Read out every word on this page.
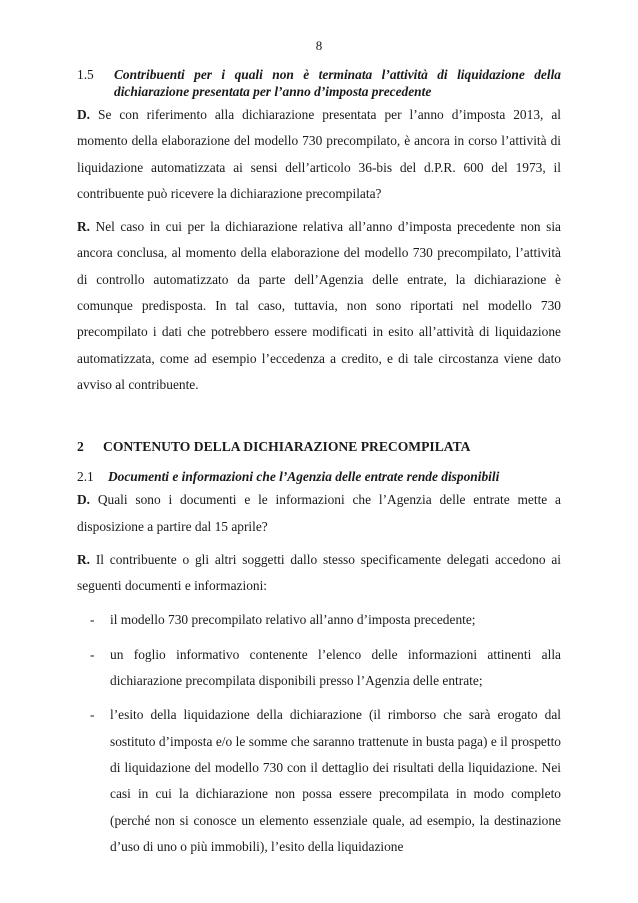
8
1.5	Contribuenti per i quali non è terminata l’attività di liquidazione della dichiarazione presentata per l’anno d’imposta precedente

D. Se con riferimento alla dichiarazione presentata per l’anno d’imposta 2013, al momento della elaborazione del modello 730 precompilato, è ancora in corso l’attività di liquidazione automatizzata ai sensi dell’articolo 36-bis del d.P.R. 600 del 1973, il contribuente può ricevere la dichiarazione precompilata?

R. Nel caso in cui per la dichiarazione relativa all’anno d’imposta precedente non sia ancora conclusa, al momento della elaborazione del modello 730 precompilato, l’attività di controllo automatizzato da parte dell’Agenzia delle entrate, la dichiarazione è comunque predisposta. In tal caso, tuttavia, non sono riportati nel modello 730 precompilato i dati che potrebbero essere modificati in esito all’attività di liquidazione automatizzata, come ad esempio l’eccedenza a credito, e di tale circostanza viene dato avviso al contribuente.

2	CONTENUTO DELLA DICHIARAZIONE PRECOMPILATA
2.1	Documenti e informazioni che l’Agenzia delle entrate rende disponibili

D. Quali sono i documenti e le informazioni che l’Agenzia delle entrate mette a disposizione a partire dal 15 aprile?

R. Il contribuente o gli altri soggetti dallo stesso specificamente delegati accedono ai seguenti documenti e informazioni:

-	il modello 730 precompilato relativo all’anno d’imposta precedente;
-	un foglio informativo contenente l’elenco delle informazioni attinenti alla dichiarazione precompilata disponibili presso l’Agenzia delle entrate;
-	l’esito della liquidazione della dichiarazione (il rimborso che sarà erogato dal sostituto d’imposta e/o le somme che saranno trattenute in busta paga) e il prospetto di liquidazione del modello 730 con il dettaglio dei risultati della liquidazione. Nei casi in cui la dichiarazione non possa essere precompilata in modo completo (perché non si conosce un elemento essenziale quale, ad esempio, la destinazione d’uso di uno o più immobili), l’esito della liquidazione
